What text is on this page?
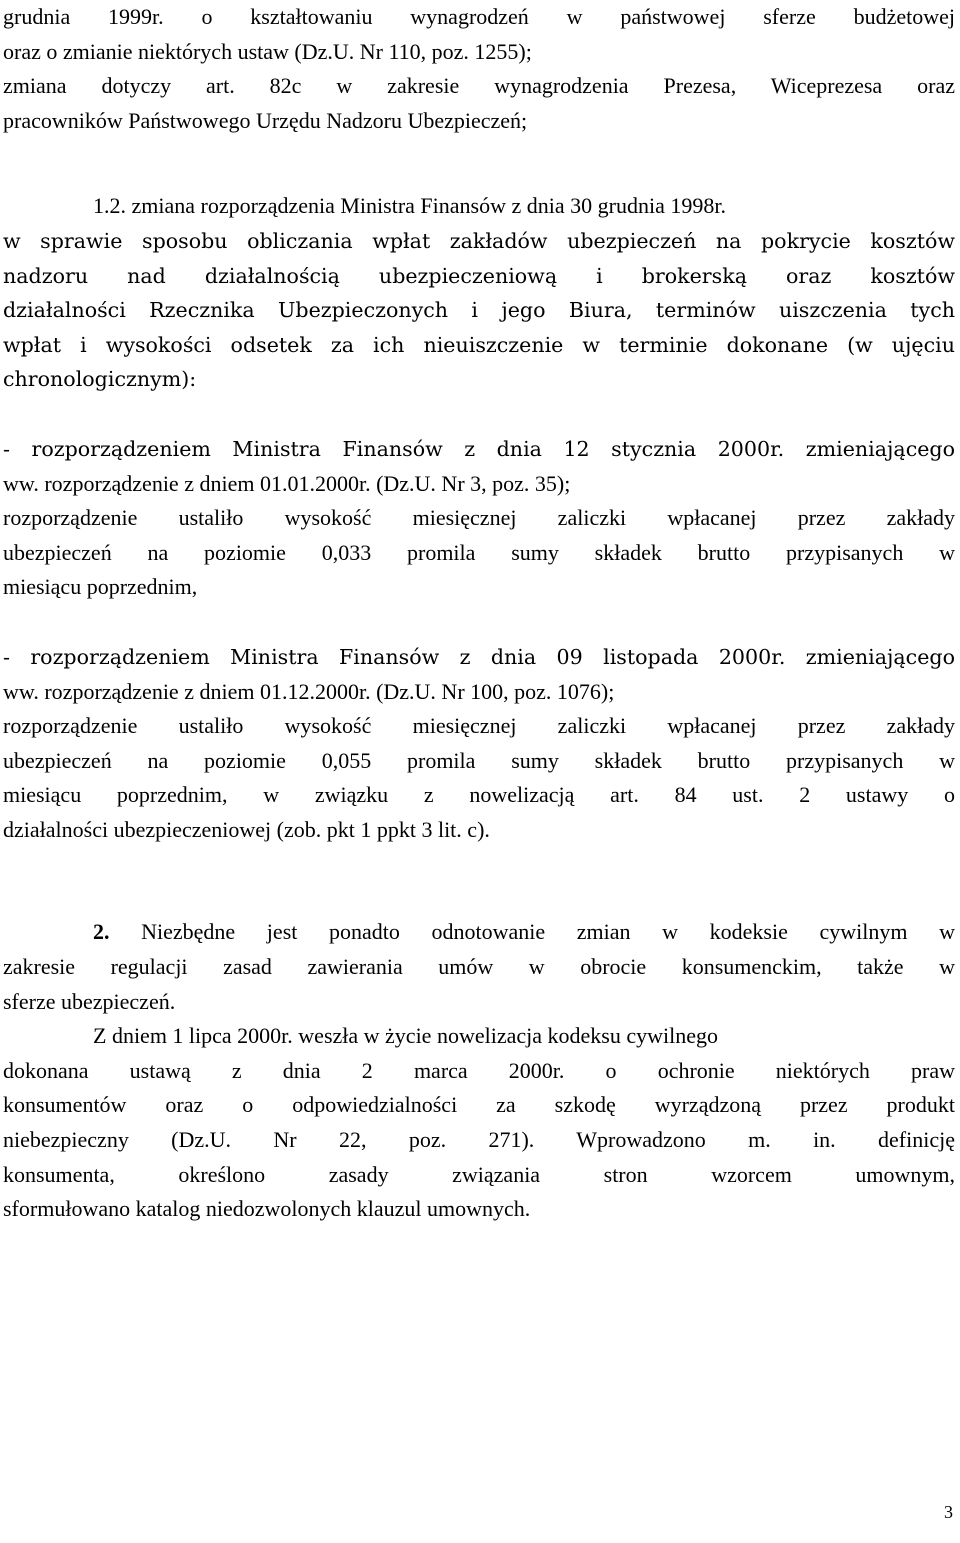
grudnia 1999r. o kształtowaniu wynagrodzeń w państwowej sferze budżetowej
oraz o zmianie niektórych ustaw (Dz.U. Nr 110, poz. 1255);
zmiana dotyczy art. 82c w zakresie wynagrodzenia Prezesa, Wiceprezesa oraz
pracowników Państwowego Urzędu Nadzoru Ubezpieczeń;
1.2. zmiana rozporządzenia Ministra Finansów z dnia 30 grudnia 1998r.
w sprawie sposobu obliczania wpłat zakładów ubezpieczeń na pokrycie kosztów
nadzoru nad działalnością ubezpieczeniową i brokerską oraz kosztów
działalności Rzecznika Ubezpieczonych i jego Biura, terminów uiszczenia tych
wpłat i wysokości odsetek za ich nieuiszczenie w terminie dokonane (w ujęciu
chronologicznym):
- rozporządzeniem Ministra Finansów z dnia 12 stycznia 2000r. zmieniającego
ww. rozporządzenie z dniem 01.01.2000r. (Dz.U. Nr 3, poz. 35);
rozporządzenie ustaliło wysokość miesięcznej zaliczki wpłacanej przez zakłady
ubezpieczeń na poziomie 0,033 promila sumy składek brutto przypisanych w
miesiącu poprzednim,
- rozporządzeniem Ministra Finansów z dnia 09 listopada 2000r. zmieniającego
ww. rozporządzenie z dniem 01.12.2000r. (Dz.U. Nr 100, poz. 1076);
rozporządzenie ustaliło wysokość miesięcznej zaliczki wpłacanej przez zakłady
ubezpieczeń na poziomie 0,055 promila sumy składek brutto przypisanych w
miesiącu poprzednim, w związku z nowelizacją art. 84 ust. 2 ustawy o
działalności ubezpieczeniowej (zob. pkt 1 ppkt 3 lit. c).
2. Niezbędne jest ponadto odnotowanie zmian w kodeksie cywilnym w
zakresie regulacji zasad zawierania umów w obrocie konsumenckim, także w
sferze ubezpieczeń.
Z dniem 1 lipca 2000r. weszła w życie nowelizacja kodeksu cywilnego
dokonana ustawą z dnia 2 marca 2000r. o ochronie niektórych praw
konsumentów oraz o odpowiedzialności za szkodę wyrządzoną przez produkt
niebezpieczny (Dz.U. Nr 22, poz. 271). Wprowadzono m. in. definicję
konsumenta, określono zasady związania stron wzorcem umownym,
sformułowano katalog niedozwolonych klauzul umownych.
3
